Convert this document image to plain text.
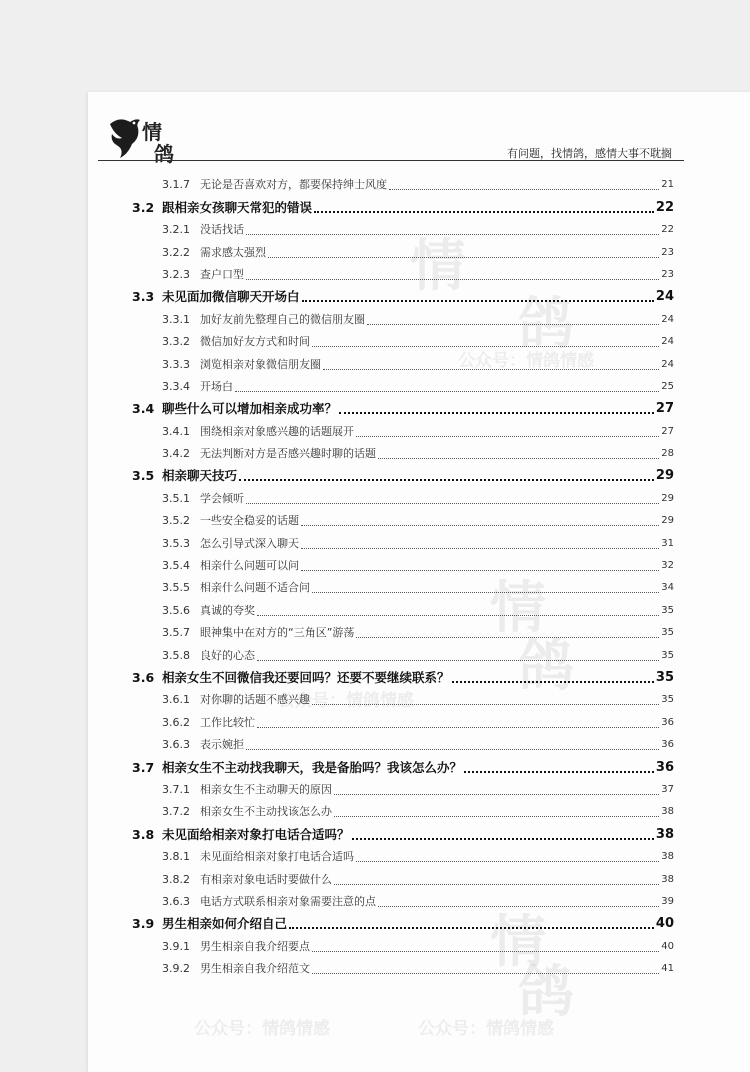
情
鸽	有问题，找情鸽，感情大事不耽搁
情
鸽
公众号：情鸽情感
情
鸽
公众号：情鸽情感
情
鸽
公众号：情鸽情感	公众号：情鸽情感
3.1.7 无论是否喜欢对方，都要保持绅士风度	21
3.2 跟相亲女孩聊天常犯的错误	22
3.2.1 没话找话	22
3.2.2 需求感太强烈	23
3.2.3 查户口型	23
3.3 未见面加微信聊天开场白	24
3.3.1 加好友前先整理自己的微信朋友圈	24
3.3.2 微信加好友方式和时间	24
3.3.3 浏览相亲对象微信朋友圈	24
3.3.4 开场白	25
3.4 聊些什么可以增加相亲成功率？	27
3.4.1 围绕相亲对象感兴趣的话题展开	27
3.4.2 无法判断对方是否感兴趣时聊的话题	28
3.5 相亲聊天技巧	29
3.5.1 学会倾听	29
3.5.2 一些安全稳妥的话题	29
3.5.3 怎么引导式深入聊天	31
3.5.4 相亲什么问题可以问	32
3.5.5 相亲什么问题不适合问	34
3.5.6 真诚的夸奖	35
3.5.7 眼神集中在对方的“三角区”游荡	35
3.5.8 良好的心态	35
3.6 相亲女生不回微信我还要回吗？还要不要继续联系？	35
3.6.1 对你聊的话题不感兴趣	35
3.6.2 工作比较忙	36
3.6.3 表示婉拒	36
3.7 相亲女生不主动找我聊天，我是备胎吗？我该怎么办？	36
3.7.1 相亲女生不主动聊天的原因	37
3.7.2 相亲女生不主动找该怎么办	38
3.8 未见面给相亲对象打电话合适吗？	38
3.8.1 未见面给相亲对象打电话合适吗	38
3.8.2 有相亲对象电话时要做什么	38
3.6.3 电话方式联系相亲对象需要注意的点	39
3.9 男生相亲如何介绍自己	40
3.9.1 男生相亲自我介绍要点	40
3.9.2 男生相亲自我介绍范文	41
